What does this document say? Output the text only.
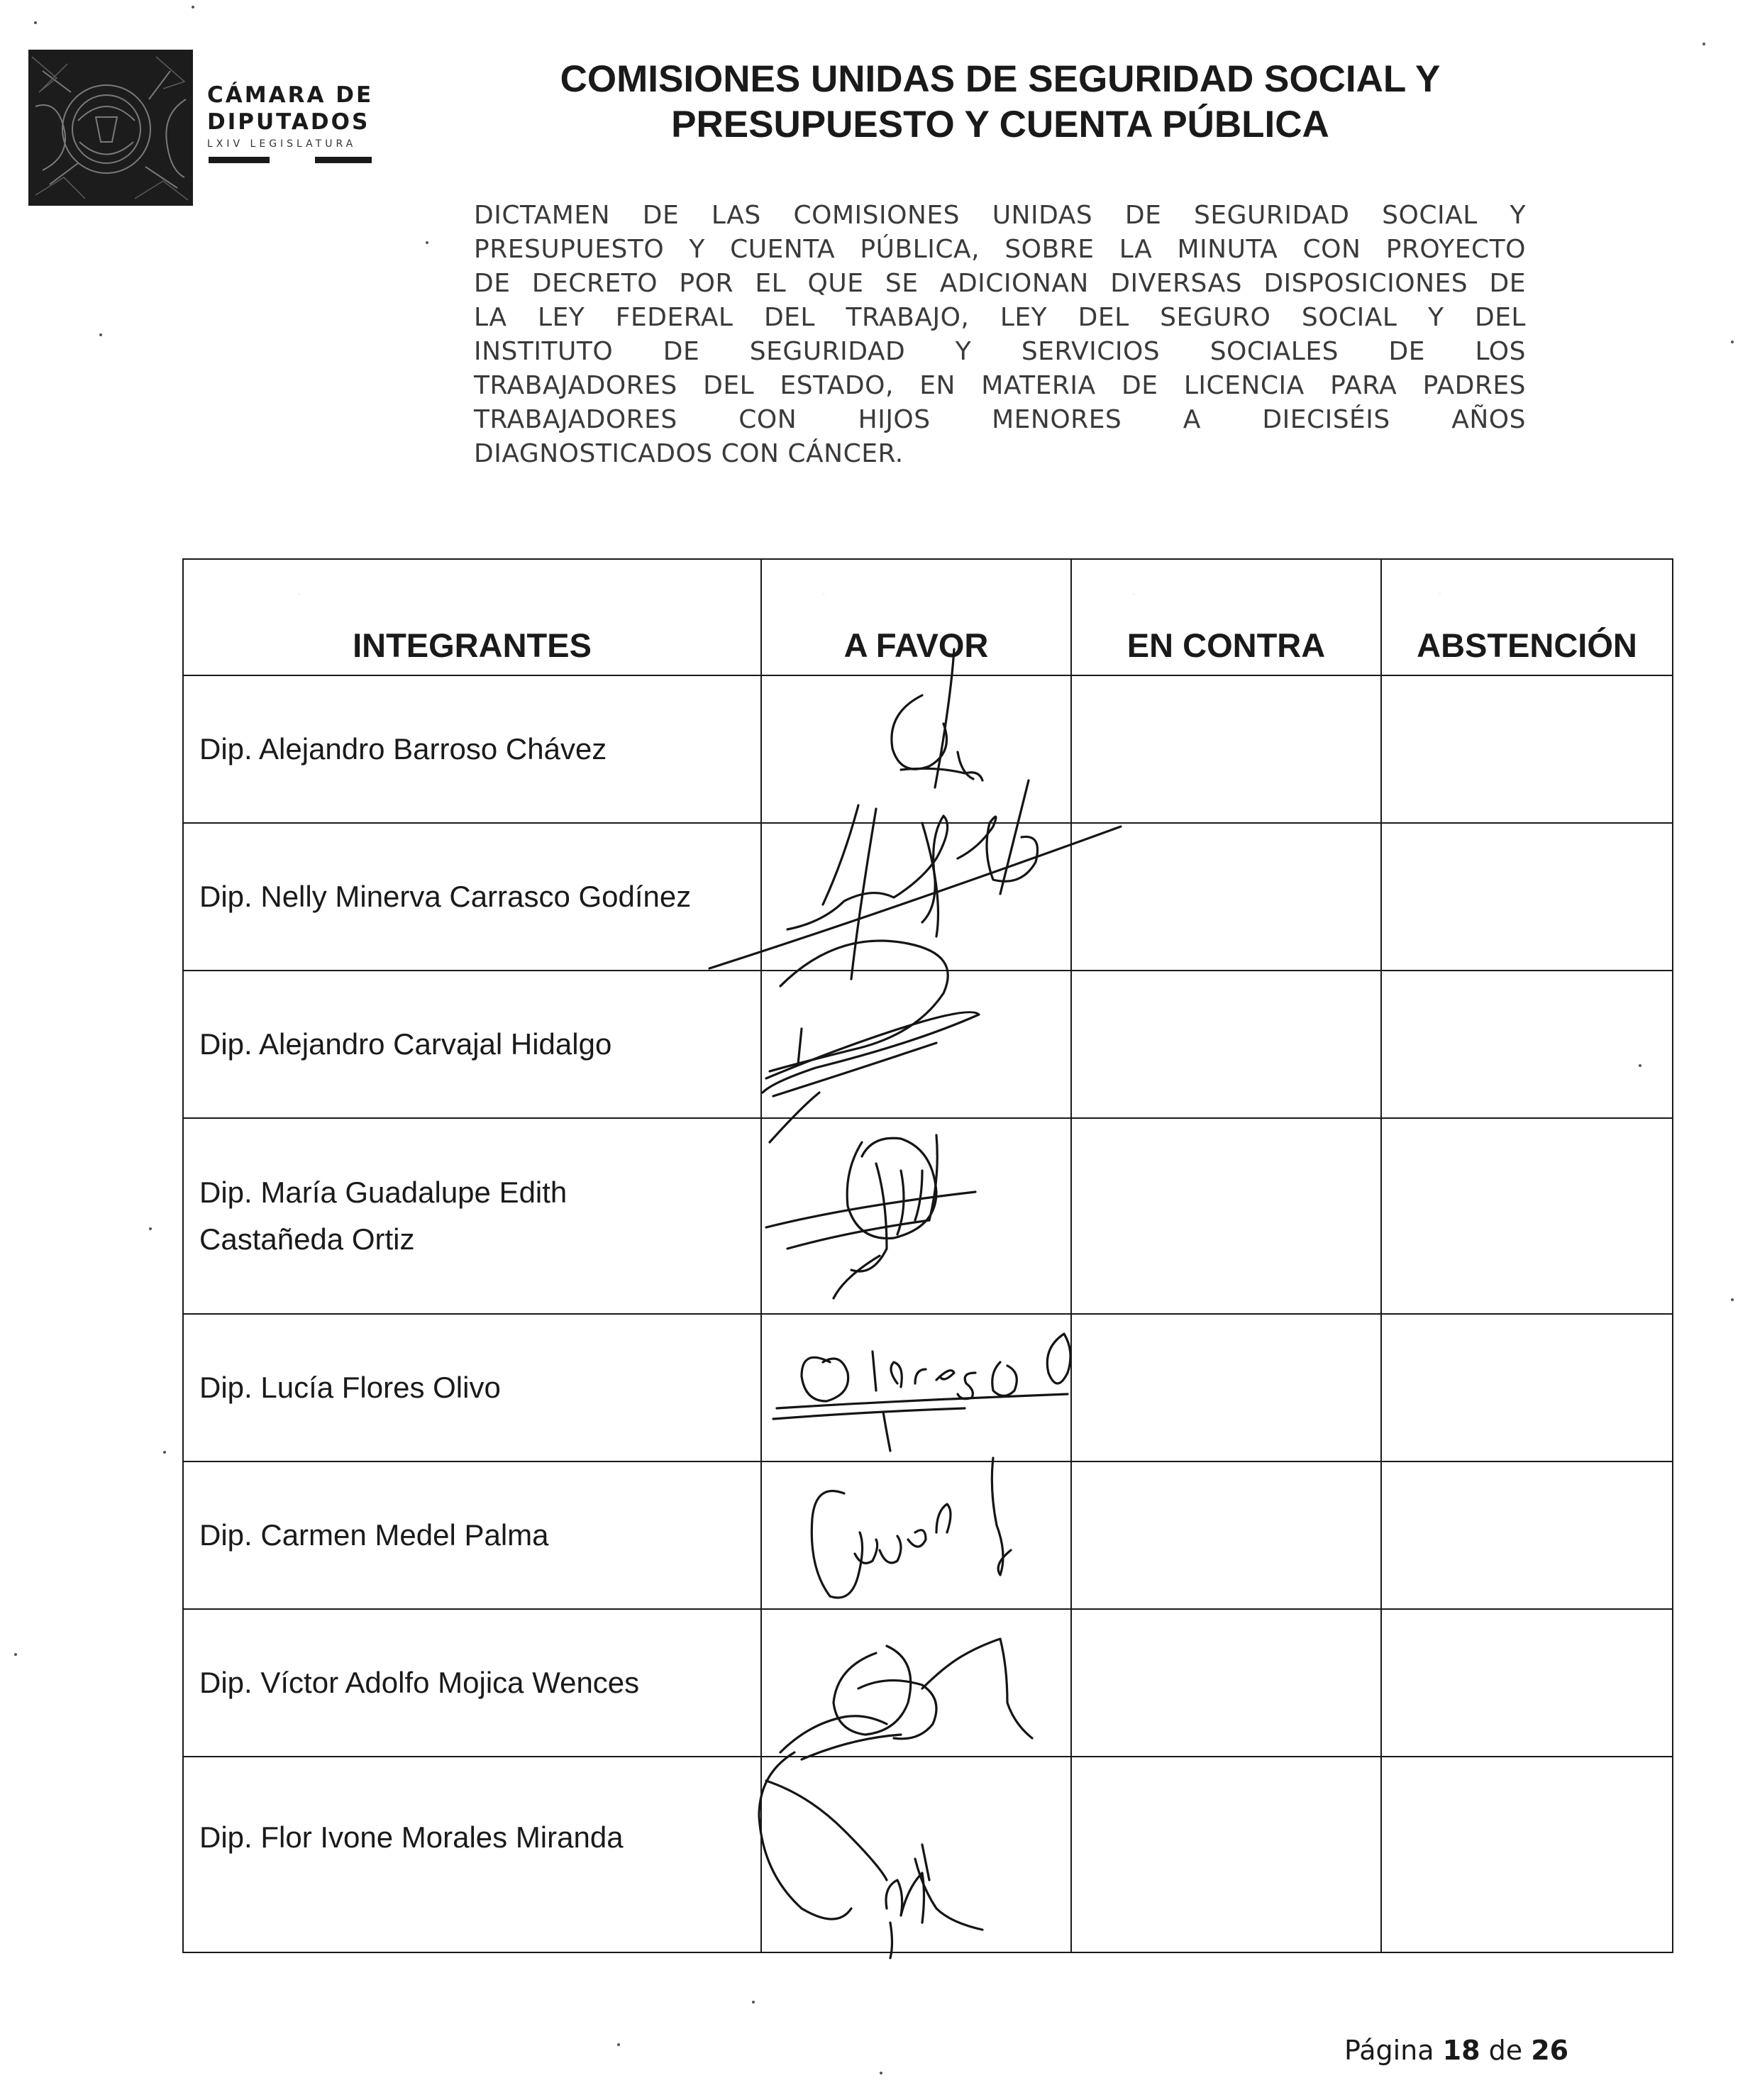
CÁMARA DE
DIPUTADOS
LXIV LEGISLATURA
COMISIONES UNIDAS DE SEGURIDAD SOCIAL Y
PRESUPUESTO Y CUENTA PÚBLICA
DICTAMEN DE LAS COMISIONES UNIDAS DE SEGURIDAD SOCIAL Y
PRESUPUESTO Y CUENTA PÚBLICA, SOBRE LA MINUTA CON PROYECTO
DE DECRETO POR EL QUE SE ADICIONAN DIVERSAS DISPOSICIONES DE
LA LEY FEDERAL DEL TRABAJO, LEY DEL SEGURO SOCIAL Y DEL
INSTITUTO DE SEGURIDAD Y SERVICIOS SOCIALES DE LOS
TRABAJADORES DEL ESTADO, EN MATERIA DE LICENCIA PARA PADRES
TRABAJADORES CON HIJOS MENORES A DIECISÉIS AÑOS
DIAGNOSTICADOS CON CÁNCER.
INTEGRANTES	A FAVOR	EN CONTRA	ABSTENCIÓN
Dip. Alejandro Barroso Chávez			
Dip. Nelly Minerva Carrasco Godínez			
Dip. Alejandro Carvajal Hidalgo			

Dip. María Guadalupe Edith
Castañeda Ortiz			

Dip. Lucía Flores Olivo			
Dip. Carmen Medel Palma			
Dip. Víctor Adolfo Mojica Wences			
Dip. Flor Ivone Morales Miranda			
Página 18 de 26
